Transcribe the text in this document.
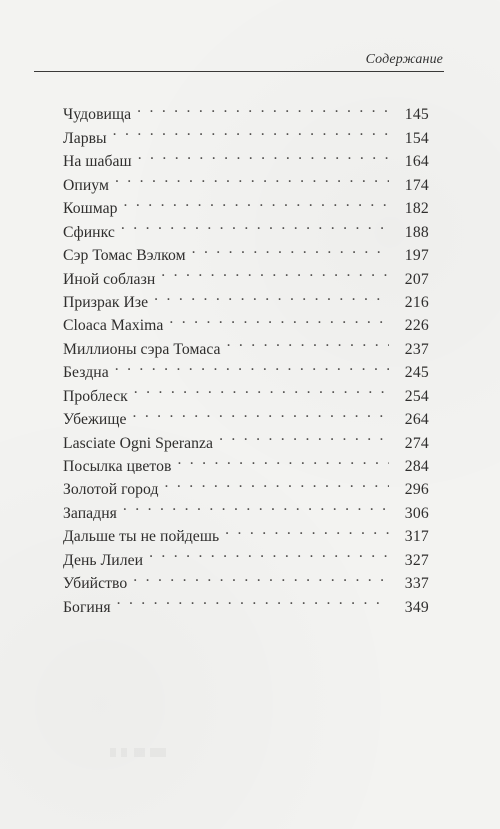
Содержание
Чудовища . . .	145
Ларвы . . .	154
На шабаш . . .	164
Опиум . . .	174
Кошмар . . .	182
Сфинкс . . .	188
Сэр Томас Вэлком . . .	197
Иной соблазн . . .	207
Призрак Изе . . .	216
Cloaca Maxima . . .	226
Миллионы сэра Томаса . . .	237
Бездна . . .	245
Проблеск . . .	254
Убежище . . .	264
Lasciate Ogni Speranza . . .	274
Посылка цветов . . .	284
Золотой город . . .	296
Западня . . .	306
Дальше ты не пойдешь . . .	317
День Лилеи . . .	327
Убийство . . .	337
Богиня . . .	349
